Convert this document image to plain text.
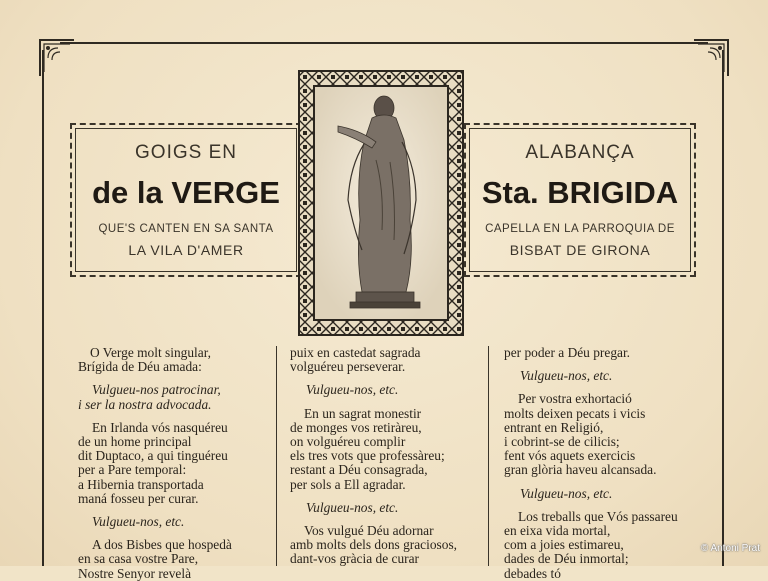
GOIGS EN
de la VERGE
QUE'S CANTEN EN SA SANTA
LA VILA D'AMER
ALABANÇA
Sta. BRIGIDA
CAPELLA EN LA PARROQUIA DE
BISBAT DE GIRONA
O Verge molt singular,
Brígida de Déu amada:
Vulgueu-nos patrocinar,
i ser la nostra advocada.
En Irlanda vós nasquéreu
de un home principal
dit Duptaco, a qui tinguéreu
per a Pare temporal:
a Hibernia transportada
maná fosseu per curar.
Vulgueu-nos, etc.
A dos Bisbes que hospedà
en sa casa vostre Pare,
Nostre Senyor revelà
puix en castedat sagrada
volguéreu perseverar.
Vulgueu-nos, etc.
En un sagrat monestir
de monges vos retiràreu,
on volguéreu complir
els tres vots que professàreu;
restant a Déu consagrada,
per sols a Ell agradar.
Vulgueu-nos, etc.
Vos vulgué Déu adornar
amb molts dels dons graciosos,
dant-vos gràcia de curar
per poder a Déu pregar.
Vulgueu-nos, etc.
Per vostra exhortació
molts deixen pecats i vicis
entrant en Religió,
i cobrint-se de cilicis;
fent vós aquets exercicis
gran glòria haveu alcansada.
Vulgueu-nos, etc.
Los treballs que Vós passareu
en eixa vida mortal,
com a joies estimareu,
dades de Déu inmortal;
debades tó
© Antoni Prat
